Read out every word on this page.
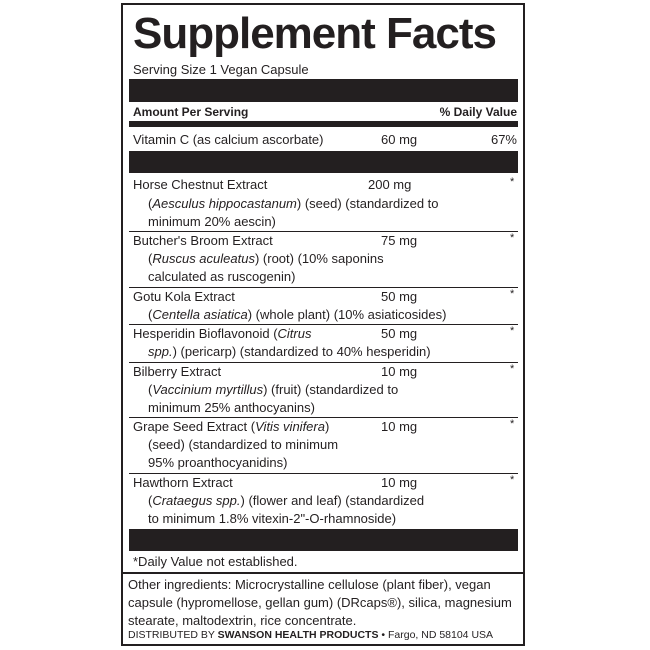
Supplement Facts
Serving Size 1 Vegan Capsule
Amount Per Serving	% Daily Value
Vitamin C (as calcium ascorbate)	60 mg	67%
Horse Chestnut Extract	200 mg	*
(Aesculus hippocastanum) (seed) (standardized to
minimum 20% aescin)
Butcher's Broom Extract	75 mg	*
(Ruscus aculeatus) (root) (10% saponins
calculated as ruscogenin)
Gotu Kola Extract	50 mg	*
(Centella asiatica) (whole plant) (10% asiaticosides)
Hesperidin Bioflavonoid (Citrus	50 mg	*
spp.) (pericarp) (standardized to 40% hesperidin)
Bilberry Extract	10 mg	*
(Vaccinium myrtillus) (fruit) (standardized to
minimum 25% anthocyanins)
Grape Seed Extract (Vitis vinifera)	10 mg	*
(seed) (standardized to minimum
95% proanthocyanidins)
Hawthorn Extract	10 mg	*
(Crataegus spp.) (flower and leaf) (standardized
to minimum 1.8% vitexin-2"-O-rhamnoside)
*Daily Value not established.
Other ingredients: Microcrystalline cellulose (plant fiber), vegan capsule (hypromellose, gellan gum) (DRcaps®), silica, magnesium stearate, maltodextrin, rice concentrate.
DISTRIBUTED BY SWANSON HEALTH PRODUCTS • Fargo, ND 58104 USA
